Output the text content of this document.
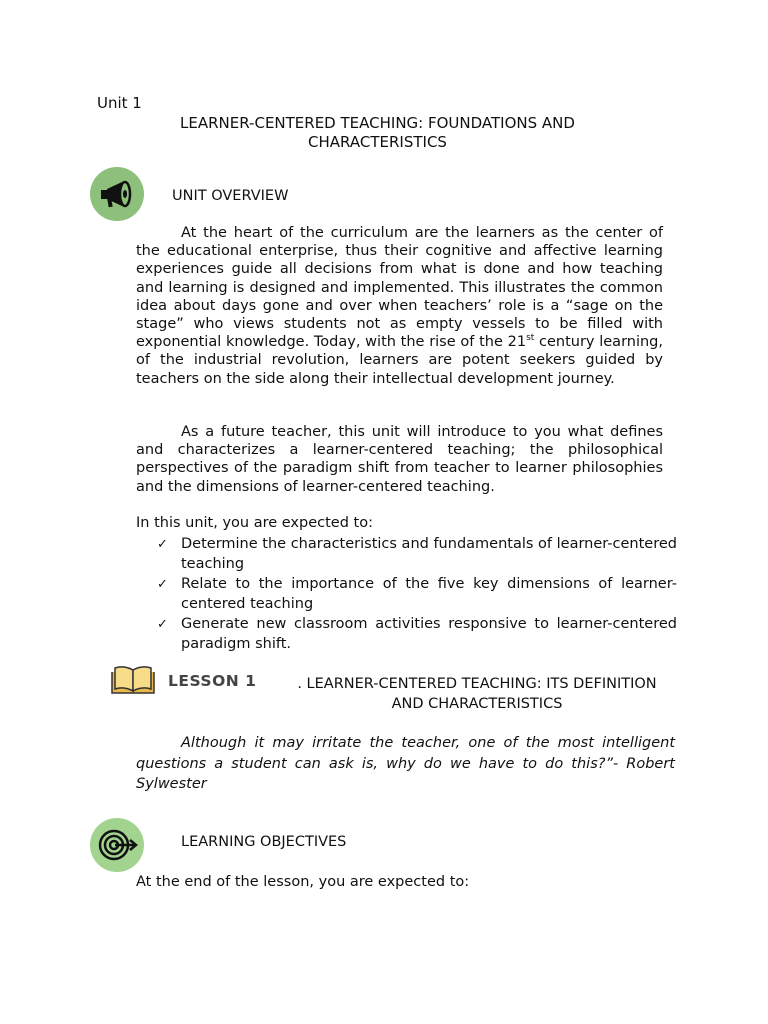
Unit 1
LEARNER-CENTERED TEACHING: FOUNDATIONS AND CHARACTERISTICS
UNIT OVERVIEW

At the heart of the curriculum are the learners as the center of the educational enterprise, thus their cognitive and affective learning experiences guide all decisions from what is done and how teaching and learning is designed and implemented. This illustrates the common idea about days gone and over when teachers’ role is a “sage on the stage” who views students not as empty vessels to be filled with exponential knowledge. Today, with the rise of the 21st century learning, of the industrial revolution, learners are potent seekers guided by teachers on the side along their intellectual development journey.

As a future teacher, this unit will introduce to you what defines and characterizes a learner-centered teaching; the philosophical perspectives of the paradigm shift from teacher to learner philosophies and the dimensions of learner-centered teaching.

In this unit, you are expected to:
✓ Determine the characteristics and fundamentals of learner-centered teaching
✓ Relate to the importance of the five key dimensions of learner-centered teaching
✓ Generate new classroom activities responsive to learner-centered paradigm shift.
LESSON 1	. LEARNER-CENTERED TEACHING: ITS DEFINITION AND CHARACTERISTICS

Although it may irritate the teacher, one of the most intelligent questions a student can ask is, why do we have to do this?”- Robert Sylwester

LEARNING OBJECTIVES
At the end of the lesson, you are expected to:
